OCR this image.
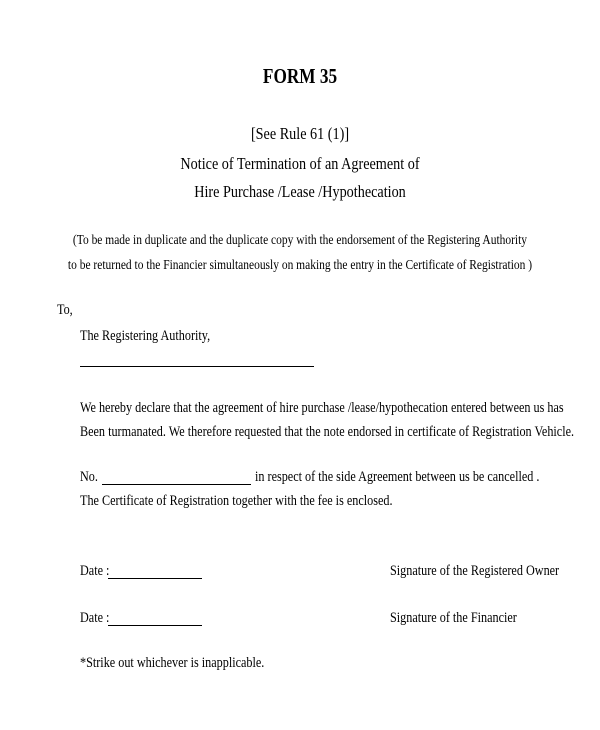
FORM 35
[See Rule 61 (1)]
Notice of Termination of an Agreement of
Hire Purchase /Lease /Hypothecation
(To be made in duplicate and the duplicate copy with the endorsement of the Registering Authority
to be returned to the Financier simultaneously on making the entry in the Certificate of Registration )
To,
The Registering Authority,
We hereby declare that the agreement of hire purchase /lease/hypothecation entered between us has
Been turmanated. We therefore requested that the note endorsed in certificate of Registration Vehicle.
No.	in respect of the side Agreement between us be cancelled .
The Certificate of Registration together with the fee is enclosed.
Date :	Signature of the Registered Owner
Date :	Signature of the Financier
*Strike out whichever is inapplicable.
